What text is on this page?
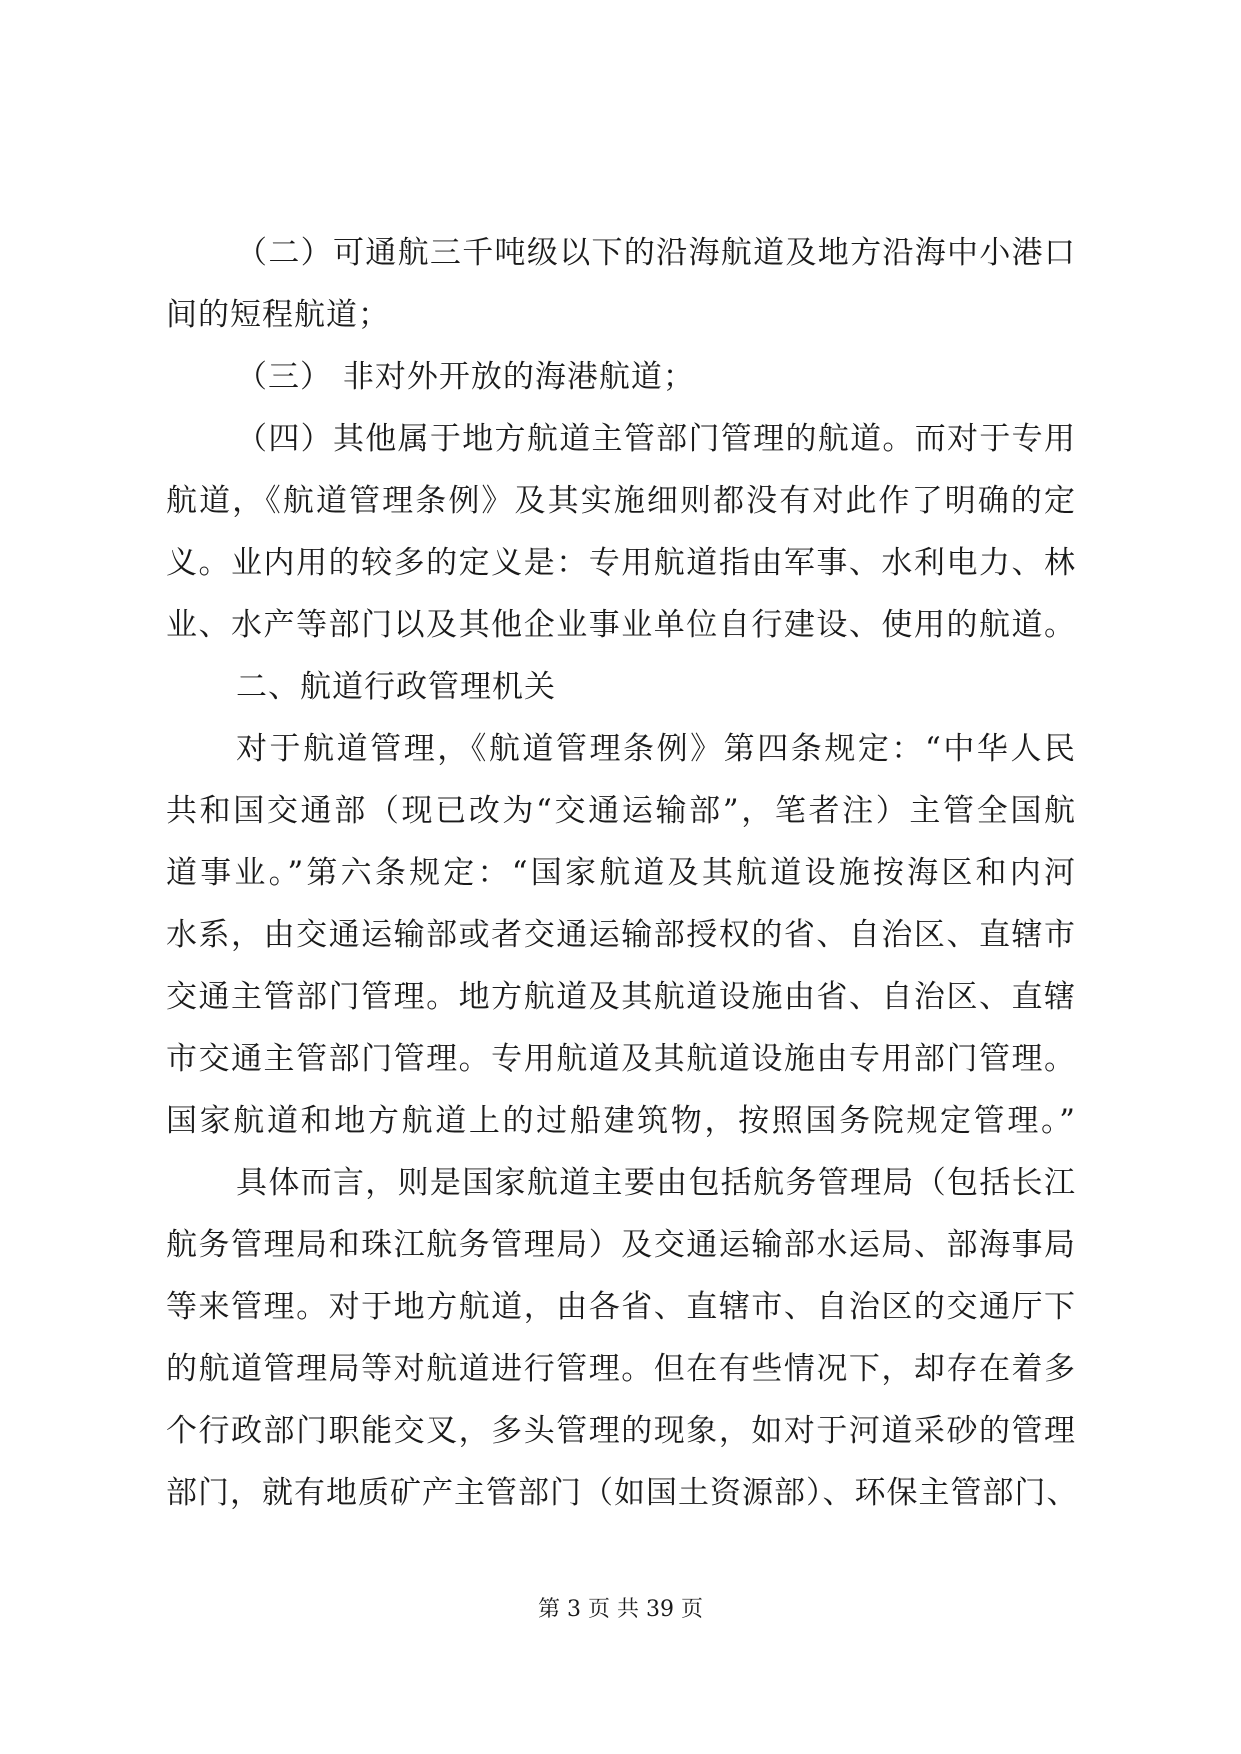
（二）可通航三千吨级以下的沿海航道及地方沿海中小港口
间的短程航道；
（三） 非对外开放的海港航道；
（四）其他属于地方航道主管部门管理的航道。而对于专用
航道，《航道管理条例》及其实施细则都没有对此作了明确的定
义。业内用的较多的定义是：专用航道指由军事、水利电力、林
业、水产等部门以及其他企业事业单位自行建设、使用的航道。
二、航道行政管理机关
对于航道管理，《航道管理条例》第四条规定：“中华人民
共和国交通部（现已改为“交通运输部”，笔者注）主管全国航
道事业。”第六条规定：“国家航道及其航道设施按海区和内河
水系，由交通运输部或者交通运输部授权的省、自治区、直辖市
交通主管部门管理。地方航道及其航道设施由省、自治区、直辖
市交通主管部门管理。专用航道及其航道设施由专用部门管理。
国家航道和地方航道上的过船建筑物，按照国务院规定管理。”
具体而言，则是国家航道主要由包括航务管理局（包括长江
航务管理局和珠江航务管理局）及交通运输部水运局、部海事局
等来管理。对于地方航道，由各省、直辖市、自治区的交通厅下
的航道管理局等对航道进行管理。但在有些情况下，却存在着多
个行政部门职能交叉，多头管理的现象，如对于河道采砂的管理
部门，就有地质矿产主管部门（如国土资源部）、环保主管部门、
第 3 页 共 39 页
